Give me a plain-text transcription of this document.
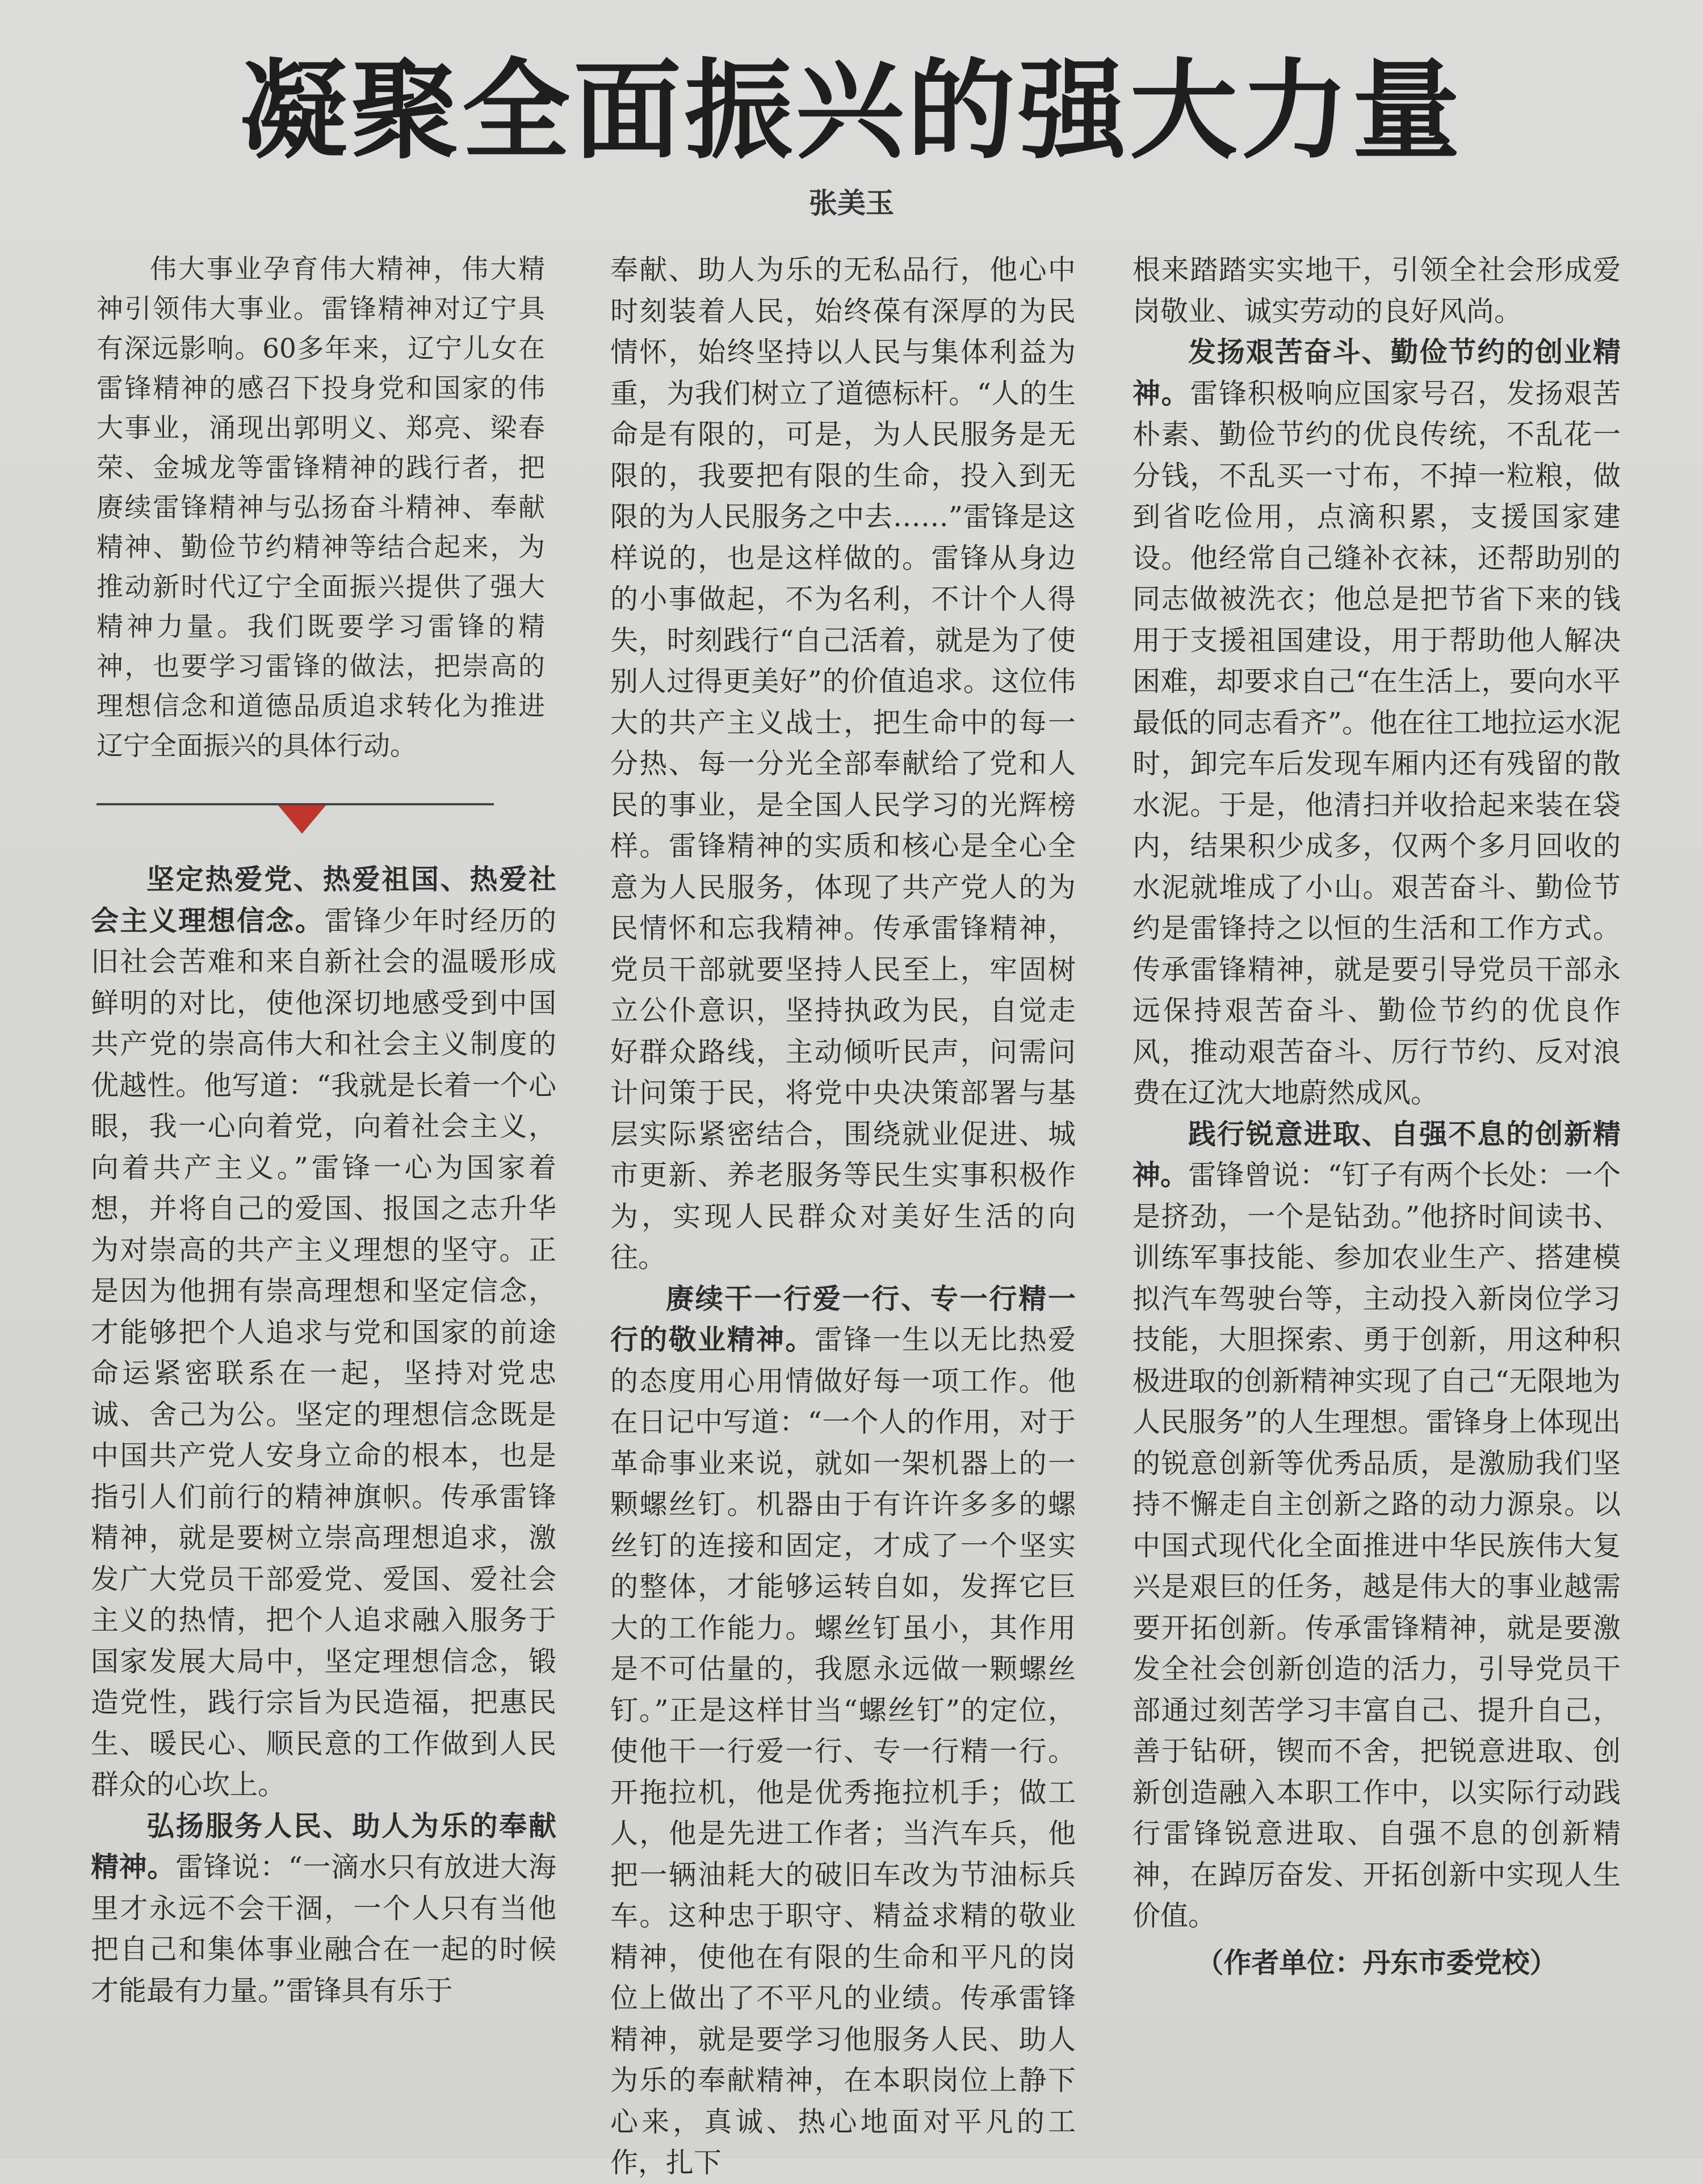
凝聚全面振兴的强大力量
张美玉

伟大事业孕育伟大精神，伟大精神引领伟大事业。雷锋精神对辽宁具有深远影响。60多年来，辽宁儿女在雷锋精神的感召下投身党和国家的伟大事业，涌现出郭明义、郑亮、梁春荣、金城龙等雷锋精神的践行者，把赓续雷锋精神与弘扬奋斗精神、奉献精神、勤俭节约精神等结合起来，为推动新时代辽宁全面振兴提供了强大精神力量。我们既要学习雷锋的精神，也要学习雷锋的做法，把崇高的理想信念和道德品质追求转化为推进辽宁全面振兴的具体行动。

坚定热爱党、热爱祖国、热爱社会主义理想信念。雷锋少年时经历的旧社会苦难和来自新社会的温暖形成鲜明的对比，使他深切地感受到中国共产党的崇高伟大和社会主义制度的优越性。他写道：“我就是长着一个心眼，我一心向着党，向着社会主义，向着共产主义。”雷锋一心为国家着想，并将自己的爱国、报国之志升华为对崇高的共产主义理想的坚守。正是因为他拥有崇高理想和坚定信念，才能够把个人追求与党和国家的前途命运紧密联系在一起，坚持对党忠诚、舍己为公。坚定的理想信念既是中国共产党人安身立命的根本，也是指引人们前行的精神旗帜。传承雷锋精神，就是要树立崇高理想追求，激发广大党员干部爱党、爱国、爱社会主义的热情，把个人追求融入服务于国家发展大局中，坚定理想信念，锻造党性，践行宗旨为民造福，把惠民生、暖民心、顺民意的工作做到人民群众的心坎上。

弘扬服务人民、助人为乐的奉献精神。雷锋说：“一滴水只有放进大海里才永远不会干涸，一个人只有当他把自己和集体事业融合在一起的时候才能最有力量。”雷锋具有乐于

奉献、助人为乐的无私品行，他心中时刻装着人民，始终葆有深厚的为民情怀，始终坚持以人民与集体利益为重，为我们树立了道德标杆。“人的生命是有限的，可是，为人民服务是无限的，我要把有限的生命，投入到无限的为人民服务之中去……”雷锋是这样说的，也是这样做的。雷锋从身边的小事做起，不为名利，不计个人得失，时刻践行“自己活着，就是为了使别人过得更美好”的价值追求。这位伟大的共产主义战士，把生命中的每一分热、每一分光全部奉献给了党和人民的事业，是全国人民学习的光辉榜样。雷锋精神的实质和核心是全心全意为人民服务，体现了共产党人的为民情怀和忘我精神。传承雷锋精神，党员干部就要坚持人民至上，牢固树立公仆意识，坚持执政为民，自觉走好群众路线，主动倾听民声，问需问计问策于民，将党中央决策部署与基层实际紧密结合，围绕就业促进、城市更新、养老服务等民生实事积极作为，实现人民群众对美好生活的向往。

赓续干一行爱一行、专一行精一行的敬业精神。雷锋一生以无比热爱的态度用心用情做好每一项工作。他在日记中写道：“一个人的作用，对于革命事业来说，就如一架机器上的一颗螺丝钉。机器由于有许许多多的螺丝钉的连接和固定，才成了一个坚实的整体，才能够运转自如，发挥它巨大的工作能力。螺丝钉虽小，其作用是不可估量的，我愿永远做一颗螺丝钉。”正是这样甘当“螺丝钉”的定位，使他干一行爱一行、专一行精一行。开拖拉机，他是优秀拖拉机手；做工人，他是先进工作者；当汽车兵，他把一辆油耗大的破旧车改为节油标兵车。这种忠于职守、精益求精的敬业精神，使他在有限的生命和平凡的岗位上做出了不平凡的业绩。传承雷锋精神，就是要学习他服务人民、助人为乐的奉献精神，在本职岗位上静下心来，真诚、热心地面对平凡的工作，扎下

根来踏踏实实地干，引领全社会形成爱岗敬业、诚实劳动的良好风尚。

发扬艰苦奋斗、勤俭节约的创业精神。雷锋积极响应国家号召，发扬艰苦朴素、勤俭节约的优良传统，不乱花一分钱，不乱买一寸布，不掉一粒粮，做到省吃俭用，点滴积累，支援国家建设。他经常自己缝补衣袜，还帮助别的同志做被洗衣；他总是把节省下来的钱用于支援祖国建设，用于帮助他人解决困难，却要求自己“在生活上，要向水平最低的同志看齐”。他在往工地拉运水泥时，卸完车后发现车厢内还有残留的散水泥。于是，他清扫并收拾起来装在袋内，结果积少成多，仅两个多月回收的水泥就堆成了小山。艰苦奋斗、勤俭节约是雷锋持之以恒的生活和工作方式。传承雷锋精神，就是要引导党员干部永远保持艰苦奋斗、勤俭节约的优良作风，推动艰苦奋斗、厉行节约、反对浪费在辽沈大地蔚然成风。

践行锐意进取、自强不息的创新精神。雷锋曾说：“钉子有两个长处：一个是挤劲，一个是钻劲。”他挤时间读书、训练军事技能、参加农业生产、搭建模拟汽车驾驶台等，主动投入新岗位学习技能，大胆探索、勇于创新，用这种积极进取的创新精神实现了自己“无限地为人民服务”的人生理想。雷锋身上体现出的锐意创新等优秀品质，是激励我们坚持不懈走自主创新之路的动力源泉。以中国式现代化全面推进中华民族伟大复兴是艰巨的任务，越是伟大的事业越需要开拓创新。传承雷锋精神，就是要激发全社会创新创造的活力，引导党员干部通过刻苦学习丰富自己、提升自己，善于钻研，锲而不舍，把锐意进取、创新创造融入本职工作中，以实际行动践行雷锋锐意进取、自强不息的创新精神，在踔厉奋发、开拓创新中实现人生价值。

（作者单位：丹东市委党校）
